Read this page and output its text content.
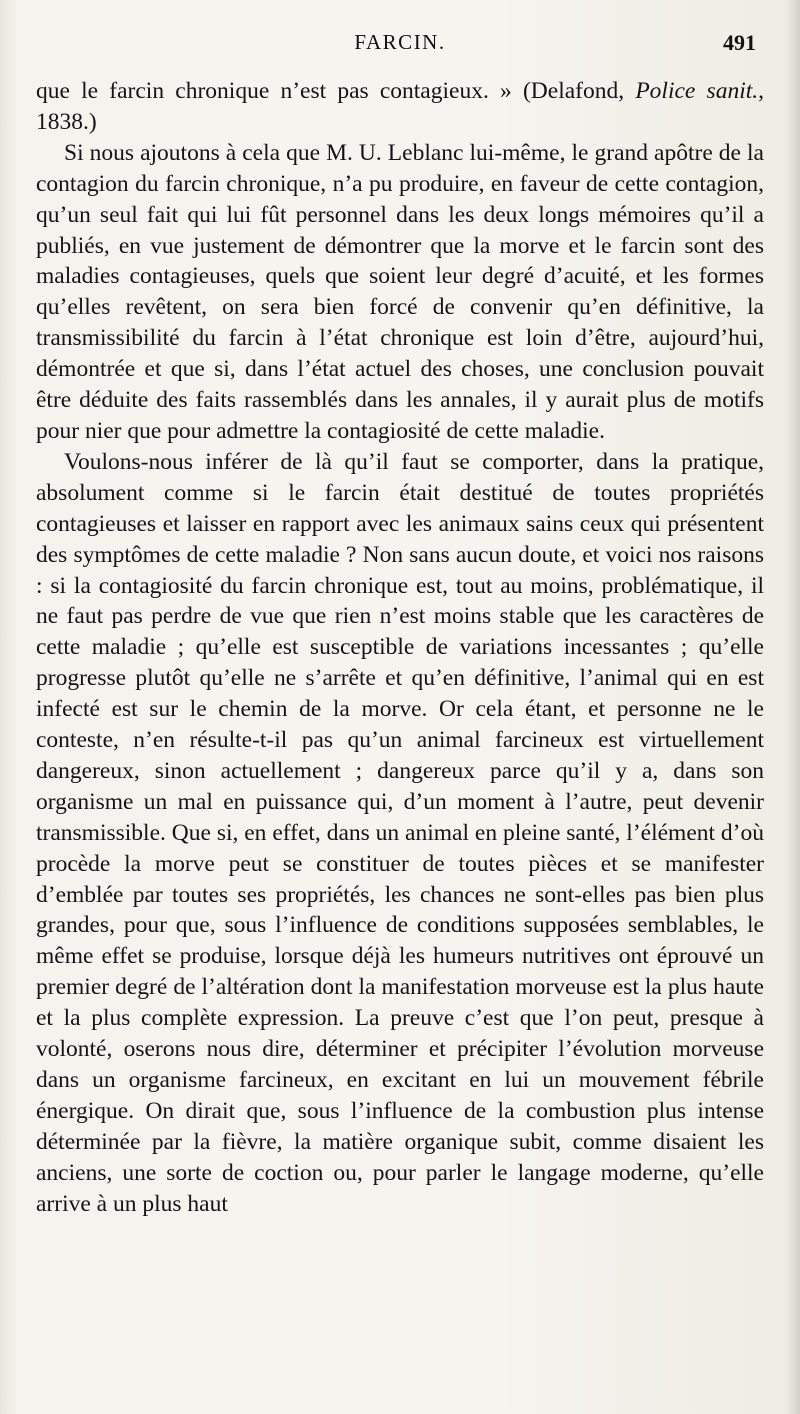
FARCIN.	491

que le farcin chronique n’est pas contagieux. » (Delafond, Police sanit., 1838.)

Si nous ajoutons à cela que M. U. Leblanc lui-même, le grand apôtre de la contagion du farcin chronique, n’a pu produire, en faveur de cette contagion, qu’un seul fait qui lui fût personnel dans les deux longs mémoires qu’il a publiés, en vue justement de démontrer que la morve et le farcin sont des maladies contagieuses, quels que soient leur degré d’acuité, et les formes qu’elles revêtent, on sera bien forcé de convenir qu’en définitive, la transmissibilité du farcin à l’état chronique est loin d’être, aujourd’hui, démontrée et que si, dans l’état actuel des choses, une conclusion pouvait être déduite des faits rassemblés dans les annales, il y aurait plus de motifs pour nier que pour admettre la contagiosité de cette maladie.

Voulons-nous inférer de là qu’il faut se comporter, dans la pratique, absolument comme si le farcin était destitué de toutes propriétés contagieuses et laisser en rapport avec les animaux sains ceux qui présentent des symptômes de cette maladie ? Non sans aucun doute, et voici nos raisons : si la contagiosité du farcin chronique est, tout au moins, problématique, il ne faut pas perdre de vue que rien n’est moins stable que les caractères de cette maladie ; qu’elle est susceptible de variations incessantes ; qu’elle progresse plutôt qu’elle ne s’arrête et qu’en définitive, l’animal qui en est infecté est sur le chemin de la morve. Or cela étant, et personne ne le conteste, n’en résulte-t-il pas qu’un animal farcineux est virtuellement dangereux, sinon actuellement ; dangereux parce qu’il y a, dans son organisme un mal en puissance qui, d’un moment à l’autre, peut devenir transmissible. Que si, en effet, dans un animal en pleine santé, l’élément d’où procède la morve peut se constituer de toutes pièces et se manifester d’emblée par toutes ses propriétés, les chances ne sont-elles pas bien plus grandes, pour que, sous l’influence de conditions supposées semblables, le même effet se produise, lorsque déjà les humeurs nutritives ont éprouvé un premier degré de l’altération dont la manifestation morveuse est la plus haute et la plus complète expression. La preuve c’est que l’on peut, presque à volonté, oserons nous dire, déterminer et précipiter l’évolution morveuse dans un organisme farcineux, en excitant en lui un mouvement fébrile énergique. On dirait que, sous l’influence de la combustion plus intense déterminée par la fièvre, la matière organique subit, comme disaient les anciens, une sorte de coction ou, pour parler le langage moderne, qu’elle arrive à un plus haut
